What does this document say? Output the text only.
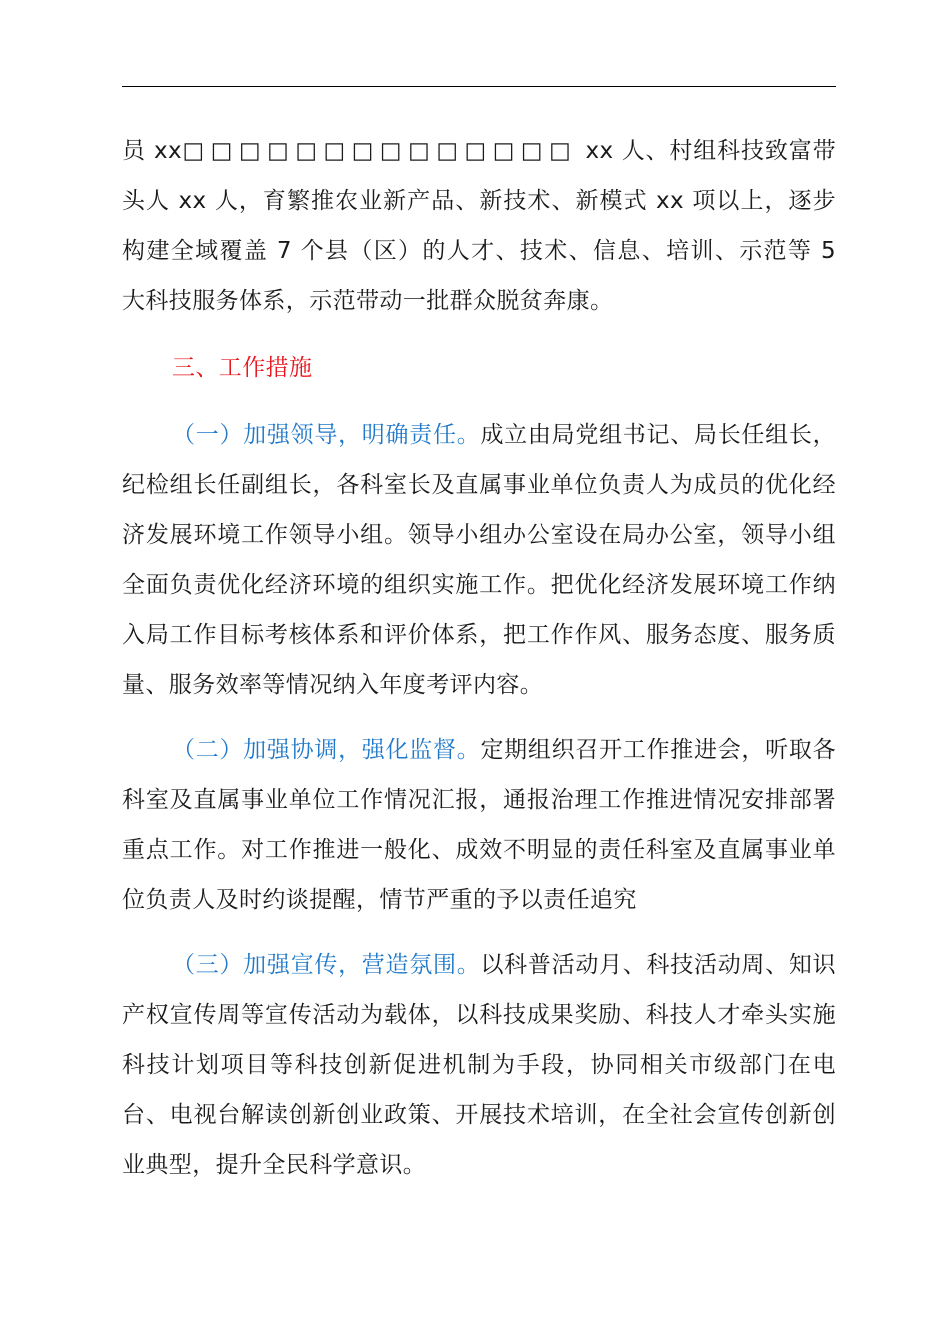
员 xx□□□□□□□□□□□□□□ xx 人、村组科技致富带头人 xx 人，育繁推农业新产品、新技术、新模式 xx 项以上，逐步构建全域覆盖 7 个县（区）的人才、技术、信息、培训、示范等 5 大科技服务体系，示范带动一批群众脱贫奔康。

三、工作措施

（一）加强领导，明确责任。成立由局党组书记、局长任组长，纪检组长任副组长，各科室长及直属事业单位负责人为成员的优化经济发展环境工作领导小组。领导小组办公室设在局办公室，领导小组全面负责优化经济环境的组织实施工作。把优化经济发展环境工作纳入局工作目标考核体系和评价体系，把工作作风、服务态度、服务质量、服务效率等情况纳入年度考评内容。

（二）加强协调，强化监督。定期组织召开工作推进会，听取各科室及直属事业单位工作情况汇报，通报治理工作推进情况安排部署重点工作。对工作推进一般化、成效不明显的责任科室及直属事业单位负责人及时约谈提醒，情节严重的予以责任追究

（三）加强宣传，营造氛围。以科普活动月、科技活动周、知识产权宣传周等宣传活动为载体，以科技成果奖励、科技人才牵头实施科技计划项目等科技创新促进机制为手段，协同相关市级部门在电台、电视台解读创新创业政策、开展技术培训，在全社会宣传创新创业典型，提升全民科学意识。
